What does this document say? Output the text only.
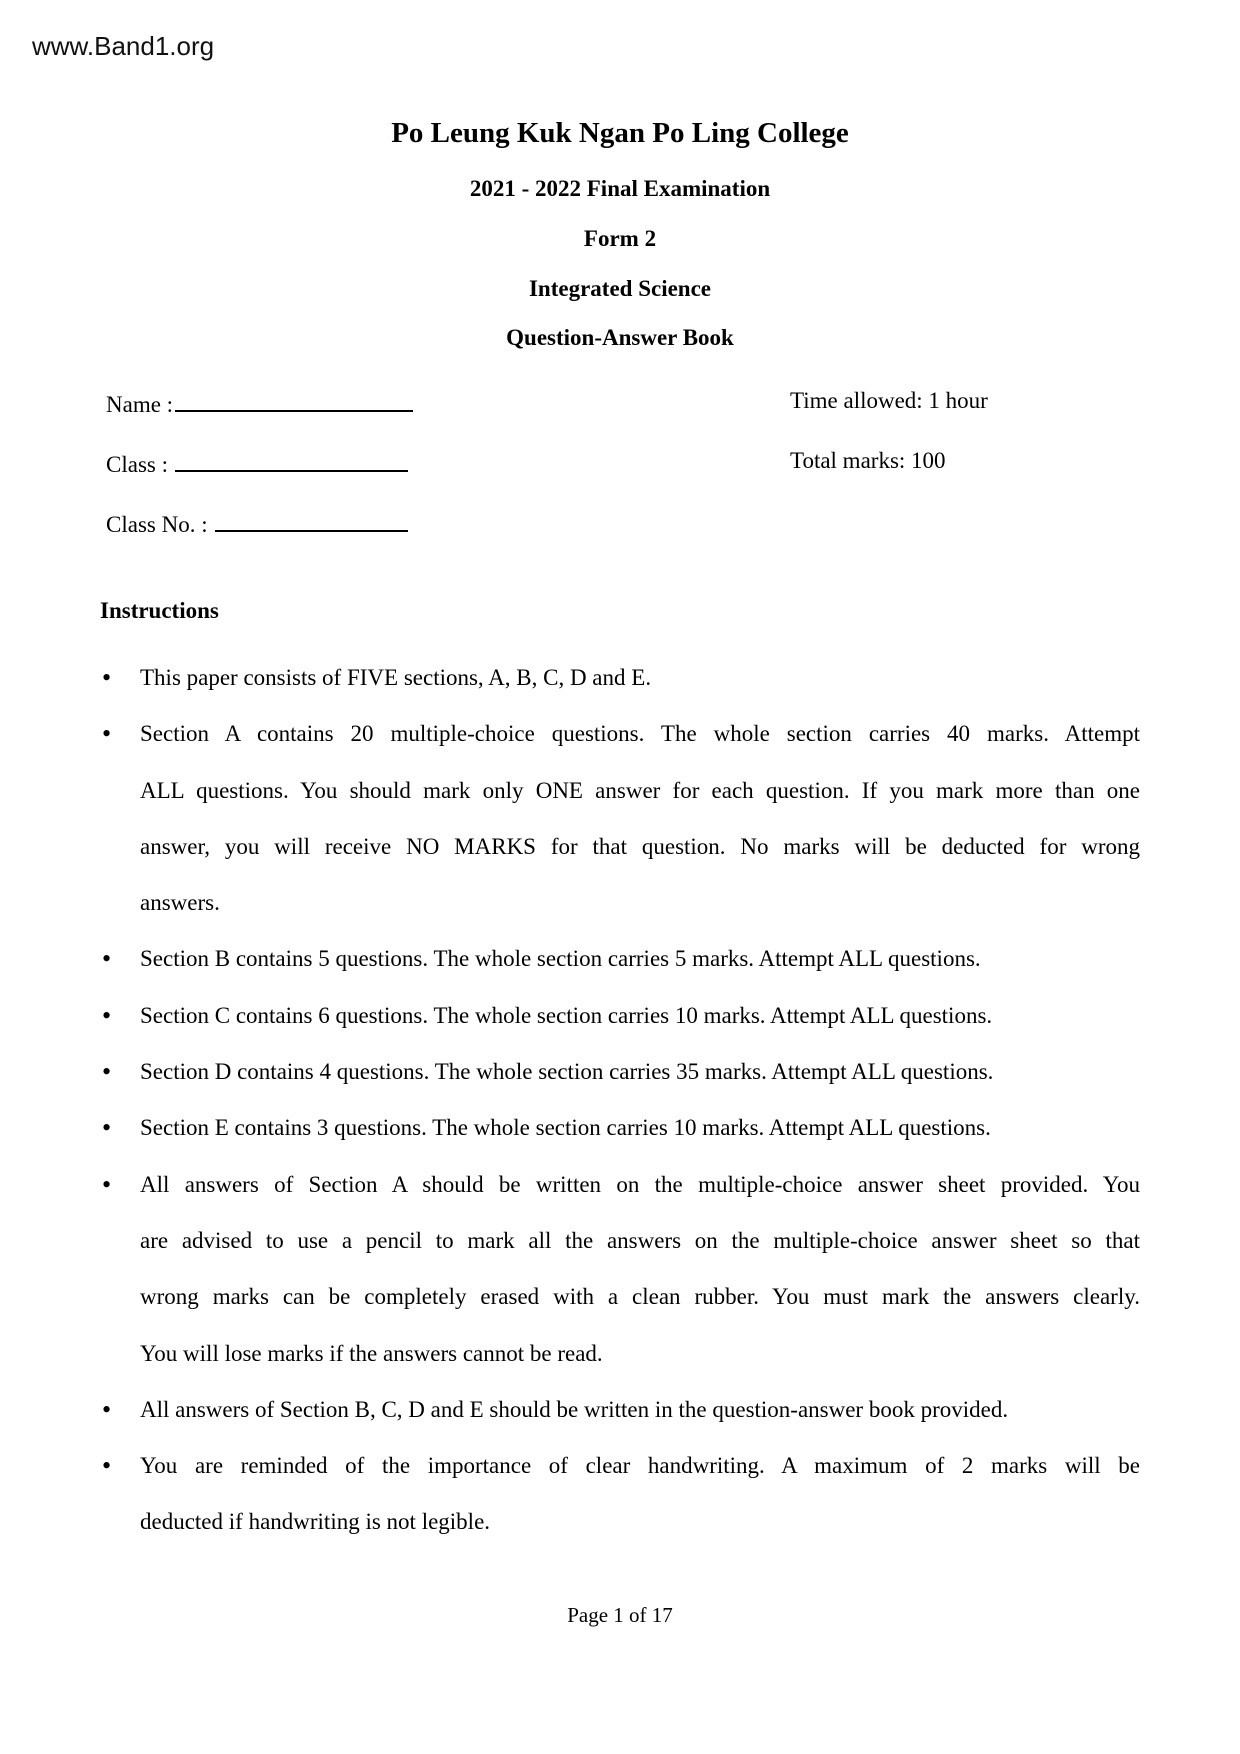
www.Band1.org
Po Leung Kuk Ngan Po Ling College
2021 - 2022 Final Examination
Form 2
Integrated Science
Question-Answer Book
Name :
Class :
Class No. :
Time allowed: 1 hour
Total marks: 100
Instructions
• This paper consists of FIVE sections, A, B, C, D and E.
• Section A contains 20 multiple-choice questions. The whole section carries 40 marks. Attempt
ALL questions. You should mark only ONE answer for each question. If you mark more than one
answer, you will receive NO MARKS for that question. No marks will be deducted for wrong
answers.
• Section B contains 5 questions. The whole section carries 5 marks. Attempt ALL questions.
• Section C contains 6 questions. The whole section carries 10 marks. Attempt ALL questions.
• Section D contains 4 questions. The whole section carries 35 marks. Attempt ALL questions.
• Section E contains 3 questions. The whole section carries 10 marks. Attempt ALL questions.
• All answers of Section A should be written on the multiple-choice answer sheet provided. You
are advised to use a pencil to mark all the answers on the multiple-choice answer sheet so that
wrong marks can be completely erased with a clean rubber. You must mark the answers clearly.
You will lose marks if the answers cannot be read.
• All answers of Section B, C, D and E should be written in the question-answer book provided.
• You are reminded of the importance of clear handwriting. A maximum of 2 marks will be
deducted if handwriting is not legible.
Page 1 of 17
